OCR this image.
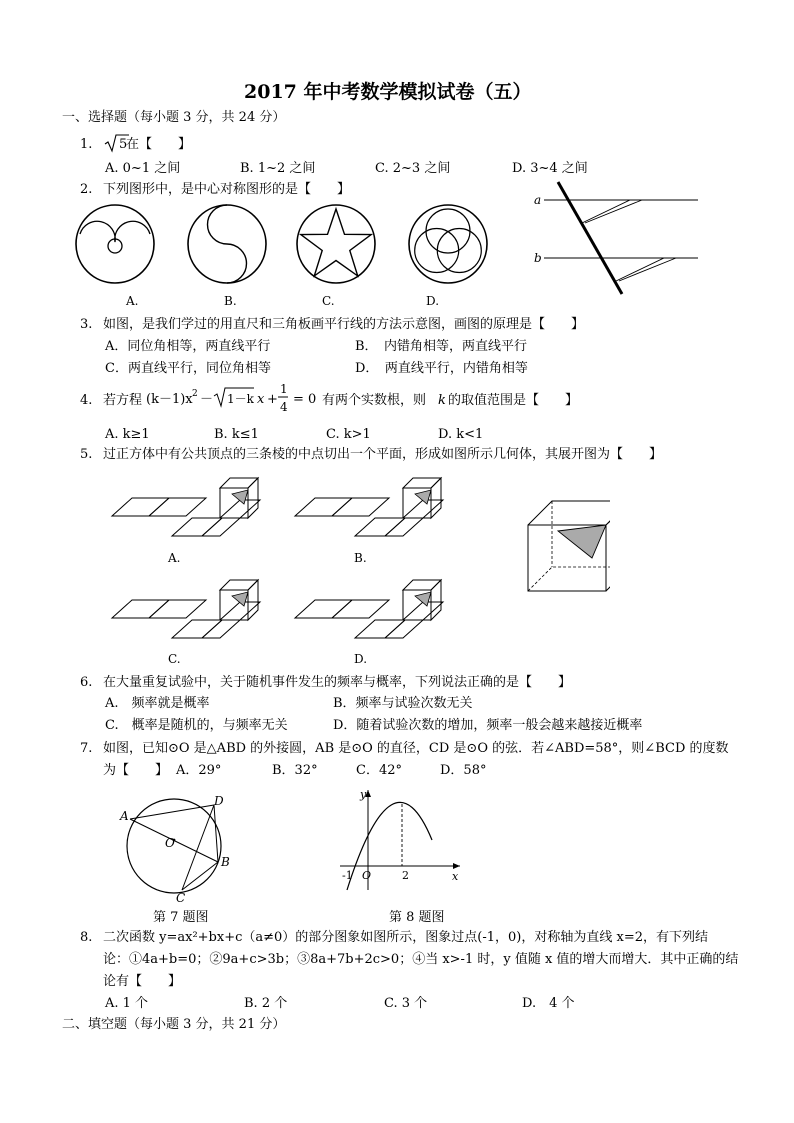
2017 年中考数学模拟试卷（五）
一、选择题（每小题 3 分，共 24 分）
1. 5
在【　　】
A. 0~1 之间	B. 1~2 之间	C. 2~3 之间	D. 3~4 之间
2. 下列图形中，是中心对称图形的是【　　】
A.	B.	C.	D.
a
b
3. 如图，是我们学过的用直尺和三角板画平行线的方法示意图，画图的原理是【　　】
A．同位角相等，两直线平行	B．　内错角相等，两直线平行
C．两直线平行，同位角相等	D．　两直线平行，内错角相等
4. 若方程 (k－1)x 2 － 1－k x +
1
4 = 0 有两个实数根，则 k 的取值范围是【　　】
A. k≥1	B. k≤1	C. k>1	D. k<1
5. 过正方体中有公共顶点的三条棱的中点切出一个平面，形成如图所示几何体，其展开图为【　　】
A.	B.
C.	D.
6. 在大量重复试验中，关于随机事件发生的频率与概率，下列说法正确的是【　　】
A.　频率就是概率	B．频率与试验次数无关
C.　概率是随机的，与频率无关	D．随着试验次数的增加，频率一般会越来越接近概率
7. 如图，已知⊙O 是△ABD 的外接圆，AB 是⊙O 的直径，CD 是⊙O 的弦．若∠ABD=58°，则∠BCD 的度数
为【　　】 A．29°	B．32°	C．42°	D．58°
A
D
O
B
C
第 7 题图
y
-1 O	2	x
第 8 题图
8. 二次函数 y=ax²+bx+c（a≠0）的部分图象如图所示，图象过点(-1，0)，对称轴为直线 x=2，有下列结
论：①4a+b=0；②9a+c>3b；③8a+7b+2c>0；④当 x>-1 时，y 值随 x 值的增大而增大．其中正确的结
论有【　　】
A. 1 个	B. 2 个	C. 3 个	D.　4 个
二、填空题（每小题 3 分，共 21 分）
